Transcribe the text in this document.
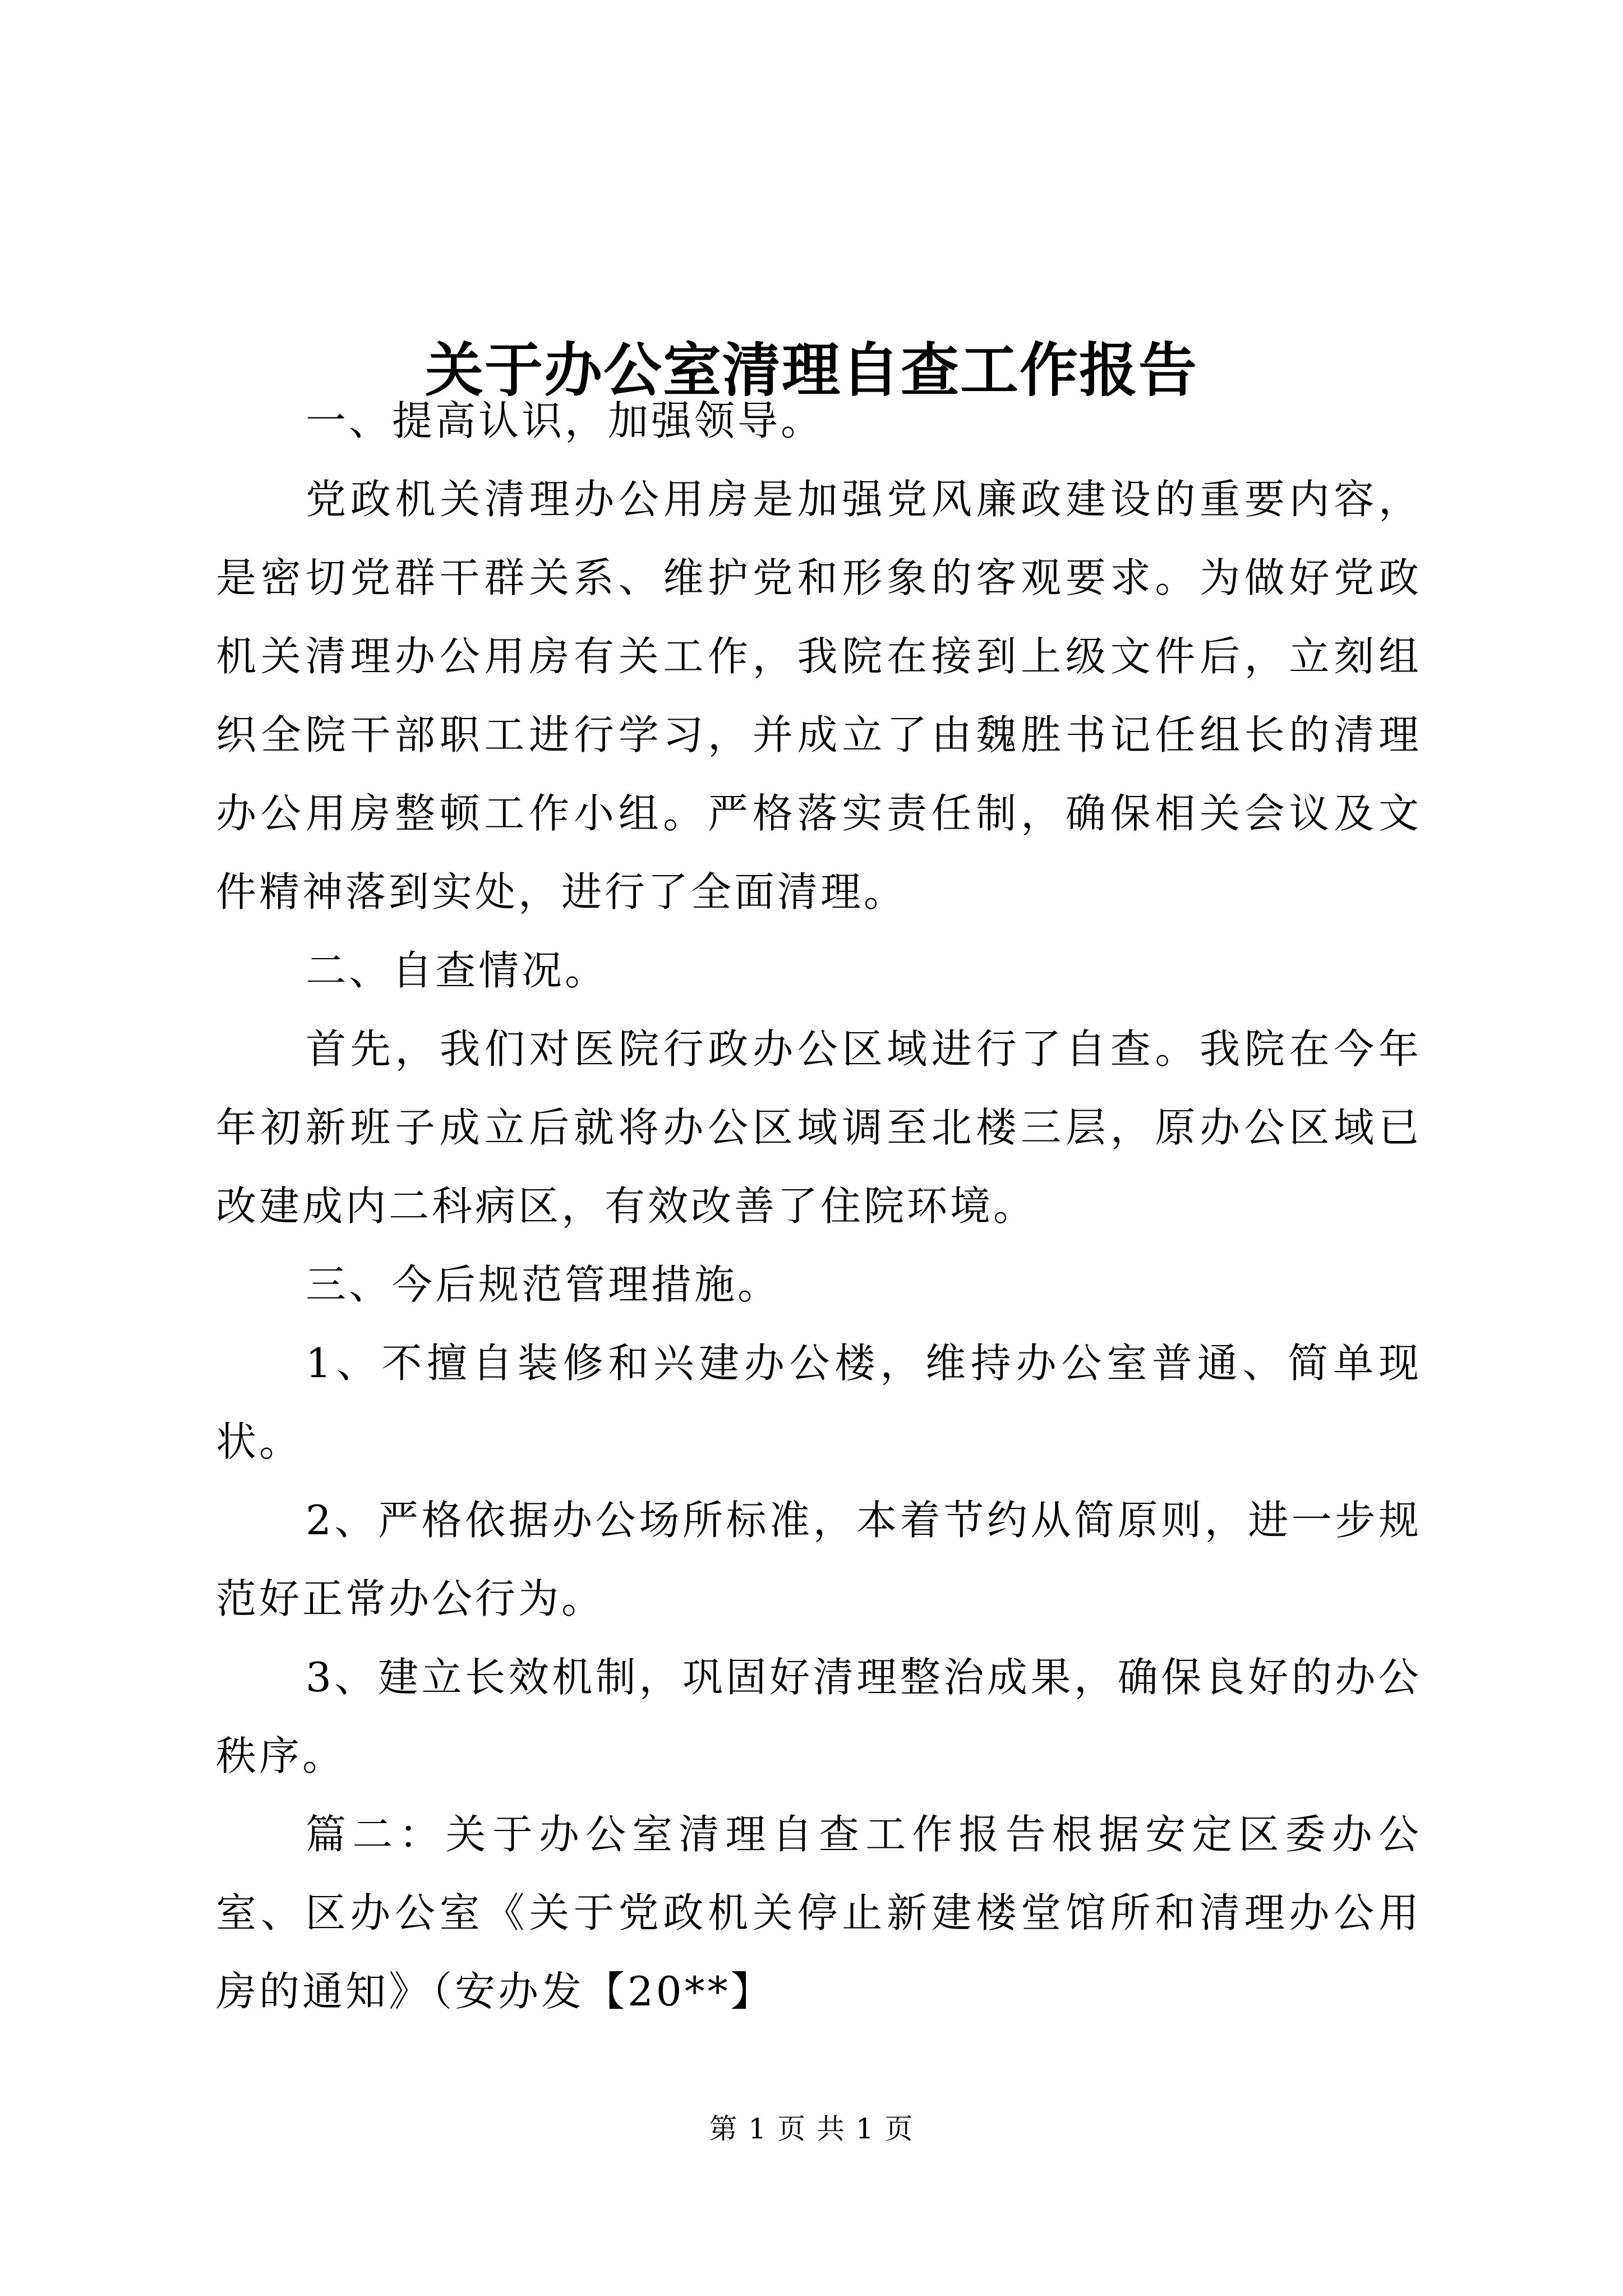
关于办公室清理自查工作报告

一、提高认识，加强领导。

党政机关清理办公用房是加强党风廉政建设的重要内容，是密切党群干群关系、维护党和形象的客观要求。为做好党政机关清理办公用房有关工作，我院在接到上级文件后，立刻组织全院干部职工进行学习，并成立了由魏胜书记任组长的清理办公用房整顿工作小组。严格落实责任制，确保相关会议及文件精神落到实处，进行了全面清理。

二、自查情况。

首先，我们对医院行政办公区域进行了自查。我院在今年年初新班子成立后就将办公区域调至北楼三层，原办公区域已改建成内二科病区，有效改善了住院环境。

三、今后规范管理措施。

1、不擅自装修和兴建办公楼，维持办公室普通、简单现状。

2、严格依据办公场所标准，本着节约从简原则，进一步规范好正常办公行为。

3、建立长效机制，巩固好清理整治成果，确保良好的办公秩序。

篇二：关于办公室清理自查工作报告根据安定区委办公室、区办公室《关于党政机关停止新建楼堂馆所和清理办公用房的通知》（安办发【20**】

第 1 页 共 1 页
